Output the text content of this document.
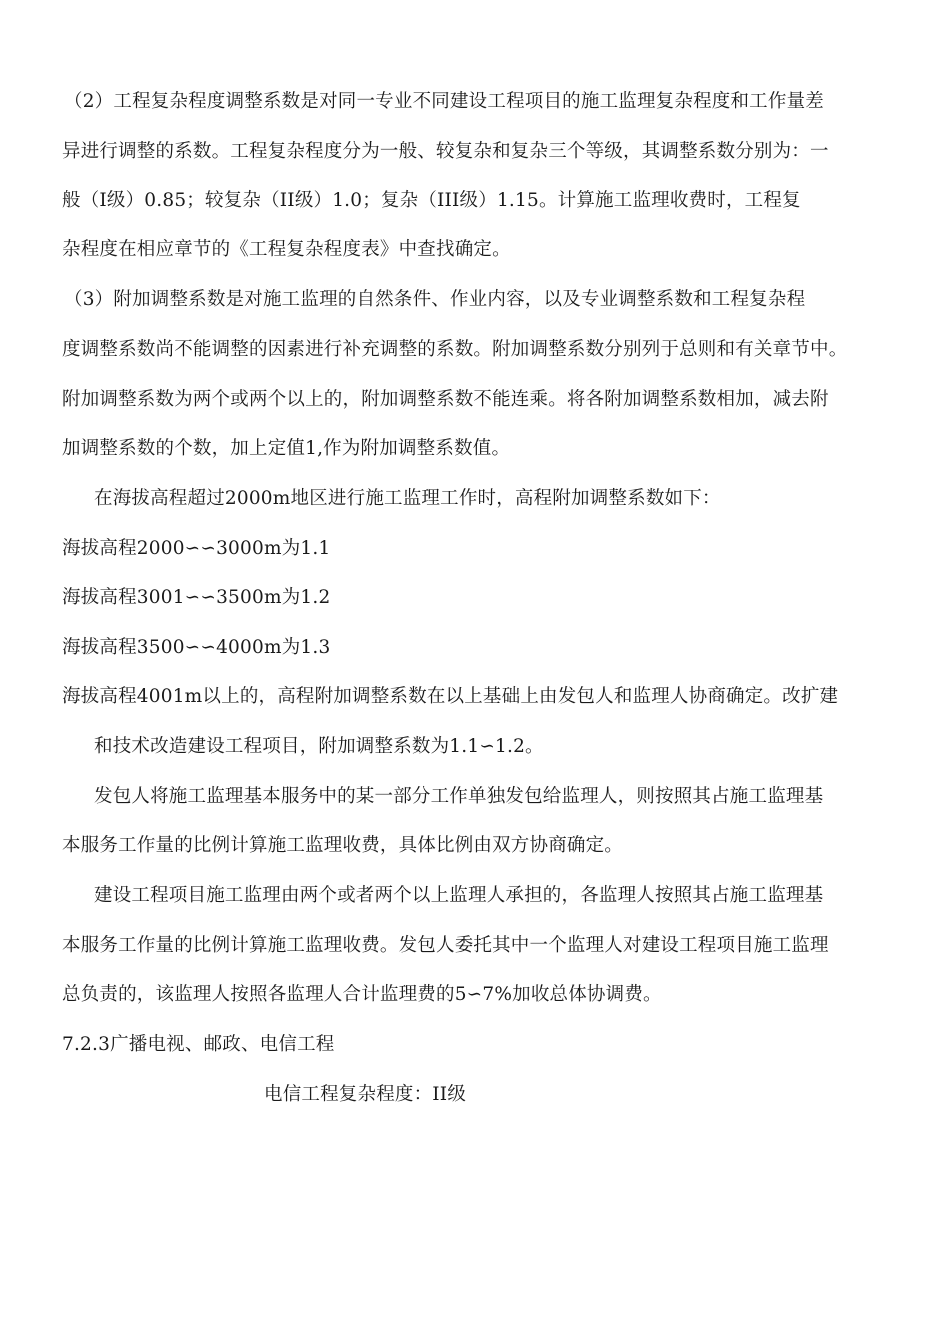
（2）工程复杂程度调整系数是对同一专业不同建设工程项目的施工监理复杂程度和工作量差
异进行调整的系数。工程复杂程度分为一般、较复杂和复杂三个等级，其调整系数分别为：一
般（I级）0.85；较复杂（II级）1.0；复杂（III级）1.15。计算施工监理收费时，工程复
杂程度在相应章节的《工程复杂程度表》中查找确定。
（3）附加调整系数是对施工监理的自然条件、作业内容，以及专业调整系数和工程复杂程
度调整系数尚不能调整的因素进行补充调整的系数。附加调整系数分别列于总则和有关章节中。
附加调整系数为两个或两个以上的，附加调整系数不能连乘。将各附加调整系数相加，减去附
加调整系数的个数，加上定值1,作为附加调整系数值。
在海拔高程超过2000m地区进行施工监理工作时，高程附加调整系数如下：
海拔高程2000∽∽3000m为1.1
海拔高程3001∽∽3500m为1.2
海拔高程3500∽∽4000m为1.3
海拔高程4001m以上的，高程附加调整系数在以上基础上由发包人和监理人协商确定。改扩建
和技术改造建设工程项目，附加调整系数为1.1∽1.2。
发包人将施工监理基本服务中的某一部分工作单独发包给监理人，则按照其占施工监理基
本服务工作量的比例计算施工监理收费，具体比例由双方协商确定。
建设工程项目施工监理由两个或者两个以上监理人承担的，各监理人按照其占施工监理基
本服务工作量的比例计算施工监理收费。发包人委托其中一个监理人对建设工程项目施工监理
总负责的，该监理人按照各监理人合计监理费的5∽7%加收总体协调费。
7.2.3广播电视、邮政、电信工程
电信工程复杂程度：II级
